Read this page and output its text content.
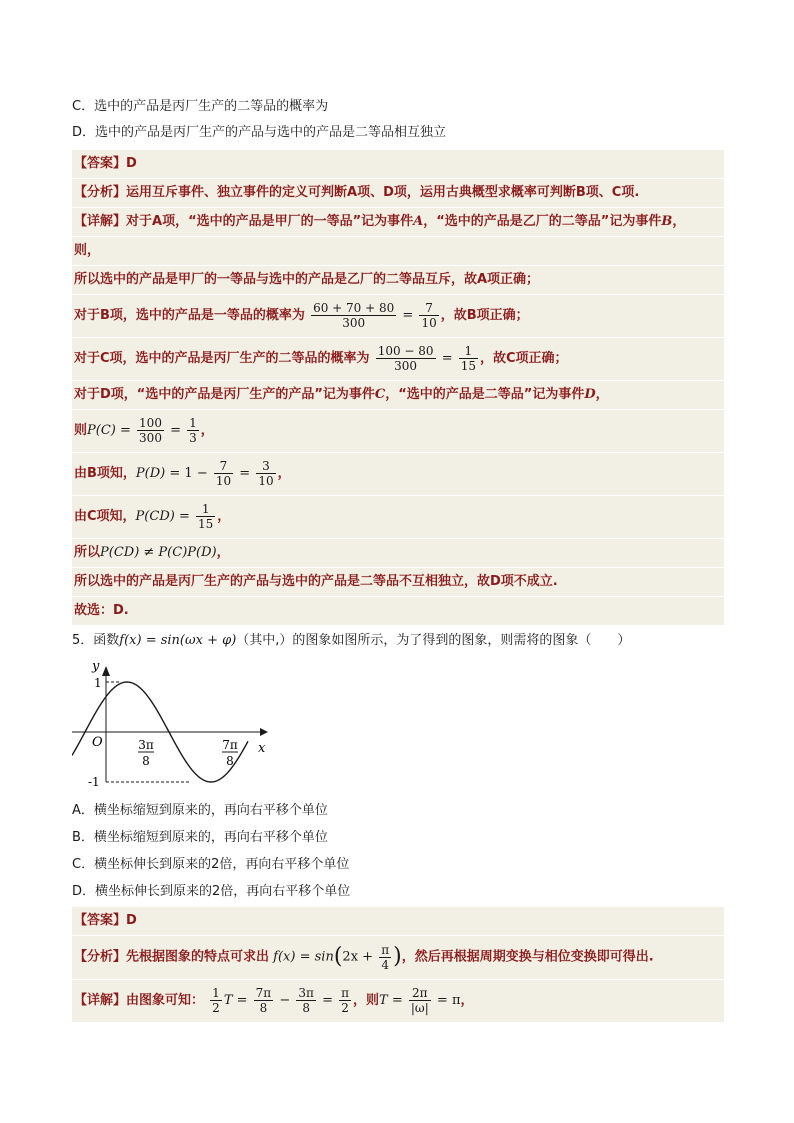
C．选中的产品是丙厂生产的二等品的概率为
D．选中的产品是丙厂生产的产品与选中的产品是二等品相互独立
【答案】D
【分析】运用互斥事件、独立事件的定义可判断A项、D项，运用古典概型求概率可判断B项、C项.
【详解】对于A项，“选中的产品是甲厂的一等品”记为事件A，“选中的产品是乙厂的二等品”记为事件B，
则，
所以选中的产品是甲厂的一等品与选中的产品是乙厂的二等品互斥，故A项正确；
对于B项，选中的产品是一等品的概率为 $\frac{60 + 70 + 80}{300} = \frac{7}{10}$ ，故B项正确；
对于C项，选中的产品是丙厂生产的二等品的概率为 $\frac{100 - 80}{300} = \frac{1}{15}$ ，故C项正确；
对于D项，“选中的产品是丙厂生产的产品”记为事件C，“选中的产品是二等品”记为事件D，
则$P(C) = \frac{100}{300} = \frac{1}{3}$ ，
由B项知，$P(D) = 1 - \frac{7}{10} = \frac{3}{10}$ ，
由C项知，$P(CD) = \frac{1}{15}$ ，
所以P(CD) ≠ P(C)P(D)，
所以选中的产品是丙厂生产的产品与选中的产品是二等品不互相独立，故D项不成立.
故选：D.
5．函数f(x) = sin(ωx + φ)（其中,）的图象如图所示，为了得到的图象，则需将的图象（　　）
y
x
O
1
-1
3π
8
7π
8
A．横坐标缩短到原来的，再向右平移个单位
B．横坐标缩短到原来的，再向右平移个单位
C．横坐标伸长到原来的2倍，再向右平移个单位
D．横坐标伸长到原来的2倍，再向右平移个单位
【答案】D
【分析】先根据图象的特点可求出 $f(x) = \sin(2x + \frac{\pi}{4}$ )，然后再根据周期变换与相位变换即可得出.
【详解】由图象可知： $\frac{1}{2}$ $T = \frac{7\pi}{8} - \frac{3\pi}{8} = \frac{\pi}{2}$ ，则$T = \frac{2\pi}{|\omega|} = \pi$，
